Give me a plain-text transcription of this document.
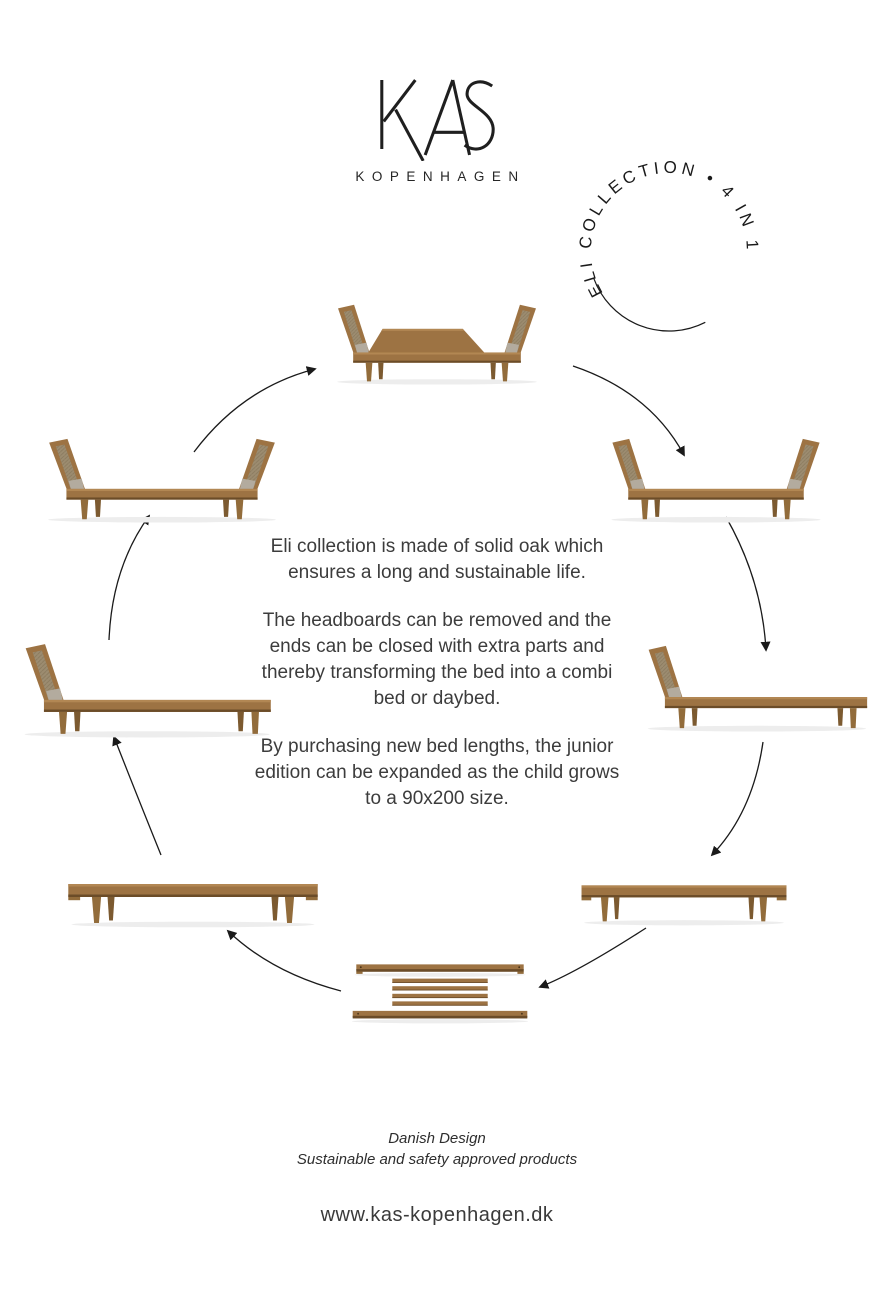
KOPENHAGEN
ELI COLLECTION • 4 IN 1

Eli collection is made of solid oak which ensures a long and sustainable life.

The headboards can be removed and the ends can be closed with extra parts and thereby transforming the bed into a combi bed or daybed.

By purchasing new bed lengths, the junior edition can be expanded as the child grows to a 90x200 size.

Danish Design
Sustainable and safety approved products
www.kas-kopenhagen.dk
